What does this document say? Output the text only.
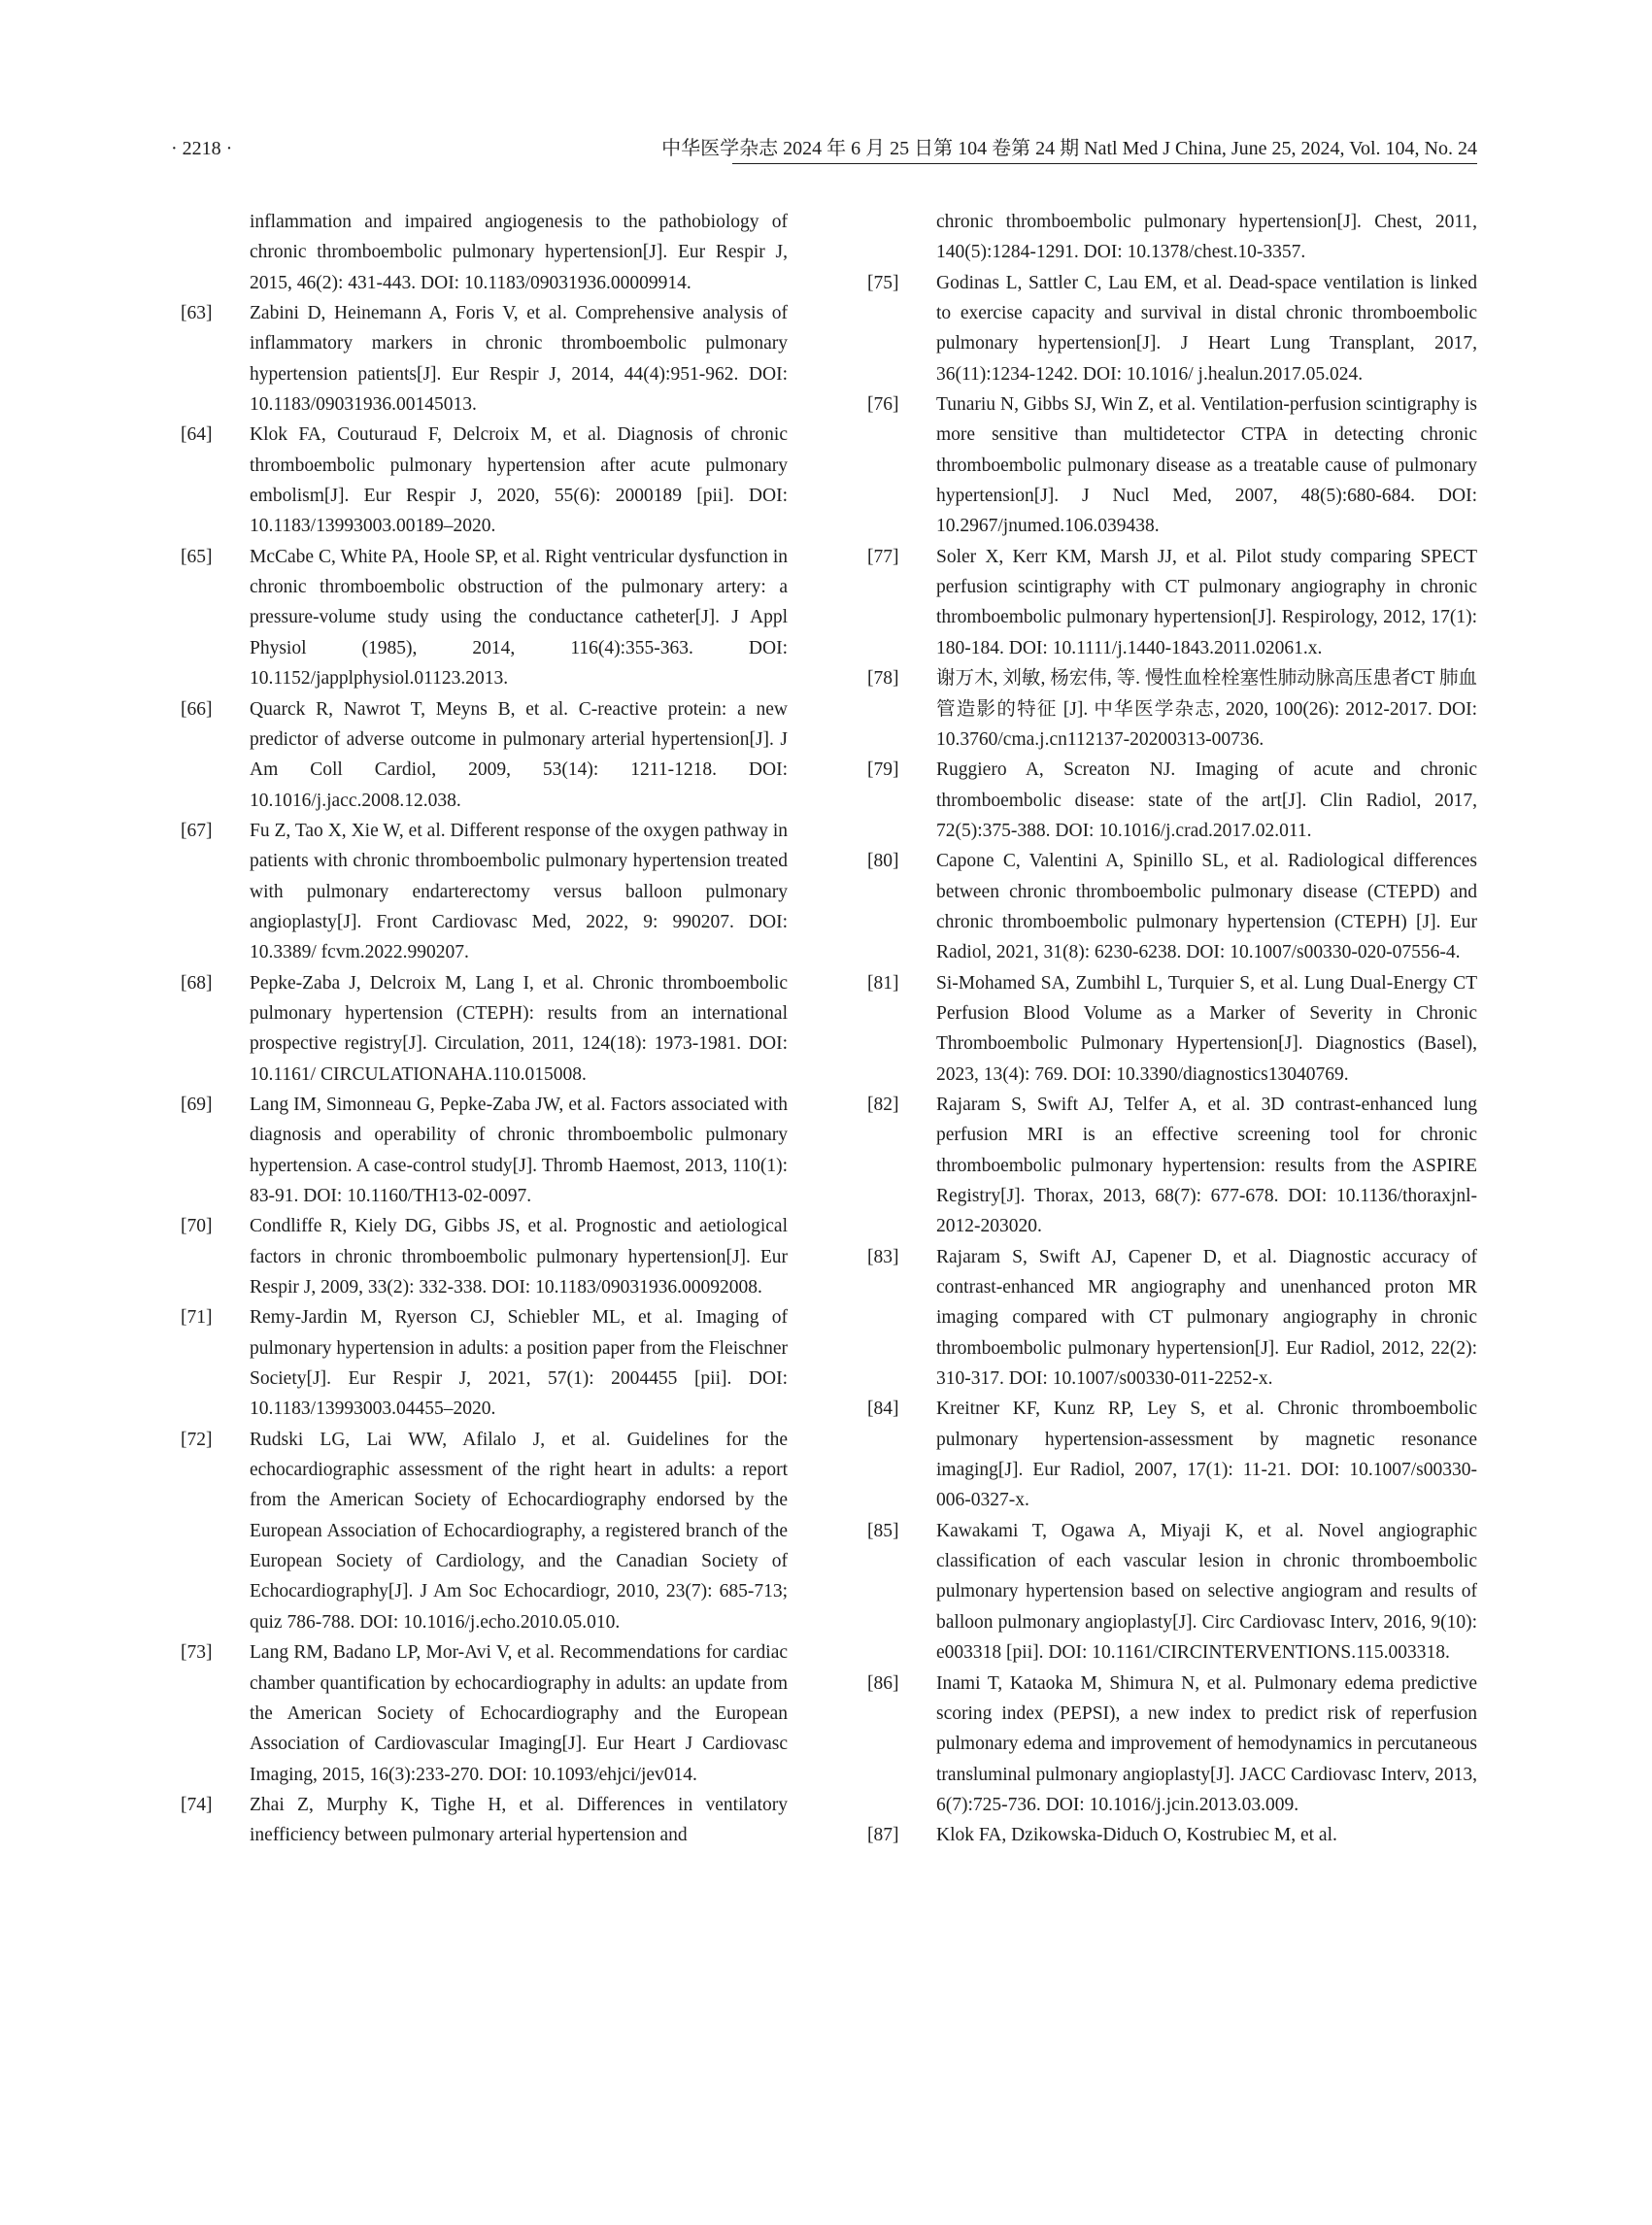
· 2218 ·	中华医学杂志 2024 年 6 月 25 日第 104 卷第 24 期 Natl Med J China, June 25, 2024, Vol. 104, No. 24
inflammation and impaired angiogenesis to the pathobiology of chronic thromboembolic pulmonary hypertension[J]. Eur Respir J, 2015, 46(2): 431-443. DOI: 10.1183/09031936.00009914.
[63]	Zabini D, Heinemann A, Foris V, et al. Comprehensive analysis of inflammatory markers in chronic thromboembolic pulmonary hypertension patients[J]. Eur Respir J, 2014, 44(4):951-962. DOI: 10.1183/09031936.00145013.
[64]	Klok FA, Couturaud F, Delcroix M, et al. Diagnosis of chronic thromboembolic pulmonary hypertension after acute pulmonary embolism[J]. Eur Respir J, 2020, 55(6): 2000189 [pii]. DOI: 10.1183/13993003.00189–2020.
[65]	McCabe C, White PA, Hoole SP, et al. Right ventricular dysfunction in chronic thromboembolic obstruction of the pulmonary artery: a pressure-volume study using the conductance catheter[J]. J Appl Physiol (1985), 2014, 116(4):355-363. DOI: 10.1152/japplphysiol.01123.2013.
[66]	Quarck R, Nawrot T, Meyns B, et al. C-reactive protein: a new predictor of adverse outcome in pulmonary arterial hypertension[J]. J Am Coll Cardiol, 2009, 53(14): 1211-1218. DOI: 10.1016/j.jacc.2008.12.038.
[67]	Fu Z, Tao X, Xie W, et al. Different response of the oxygen pathway in patients with chronic thromboembolic pulmonary hypertension treated with pulmonary endarterectomy versus balloon pulmonary angioplasty[J]. Front Cardiovasc Med, 2022, 9: 990207. DOI: 10.3389/ fcvm.2022.990207.
[68]	Pepke-Zaba J, Delcroix M, Lang I, et al. Chronic thromboembolic pulmonary hypertension (CTEPH): results from an international prospective registry[J]. Circulation, 2011, 124(18): 1973-1981. DOI: 10.1161/ CIRCULATIONAHA.110.015008.
[69]	Lang IM, Simonneau G, Pepke-Zaba JW, et al. Factors associated with diagnosis and operability of chronic thromboembolic pulmonary hypertension. A case-control study[J]. Thromb Haemost, 2013, 110(1): 83-91. DOI: 10.1160/TH13-02-0097.
[70]	Condliffe R, Kiely DG, Gibbs JS, et al. Prognostic and aetiological factors in chronic thromboembolic pulmonary hypertension[J]. Eur Respir J, 2009, 33(2): 332-338. DOI: 10.1183/09031936.00092008.
[71]	Remy-Jardin M, Ryerson CJ, Schiebler ML, et al. Imaging of pulmonary hypertension in adults: a position paper from the Fleischner Society[J]. Eur Respir J, 2021, 57(1): 2004455 [pii]. DOI: 10.1183/13993003.04455–2020.
[72]	Rudski LG, Lai WW, Afilalo J, et al. Guidelines for the echocardiographic assessment of the right heart in adults: a report from the American Society of Echocardiography endorsed by the European Association of Echocardiography, a registered branch of the European Society of Cardiology, and the Canadian Society of Echocardiography[J]. J Am Soc Echocardiogr, 2010, 23(7): 685-713; quiz 786-788. DOI: 10.1016/j.echo.2010.05.010.
[73]	Lang RM, Badano LP, Mor-Avi V, et al. Recommendations for cardiac chamber quantification by echocardiography in adults: an update from the American Society of Echocardiography and the European Association of Cardiovascular Imaging[J]. Eur Heart J Cardiovasc Imaging, 2015, 16(3):233-270. DOI: 10.1093/ehjci/jev014.
[74]	Zhai Z, Murphy K, Tighe H, et al. Differences in ventilatory inefficiency between pulmonary arterial hypertension and
chronic thromboembolic pulmonary hypertension[J]. Chest, 2011, 140(5):1284-1291. DOI: 10.1378/chest.10-3357.
[75]	Godinas L, Sattler C, Lau EM, et al. Dead-space ventilation is linked to exercise capacity and survival in distal chronic thromboembolic pulmonary hypertension[J]. J Heart Lung Transplant, 2017, 36(11):1234-1242. DOI: 10.1016/ j.healun.2017.05.024.
[76]	Tunariu N, Gibbs SJ, Win Z, et al. Ventilation-perfusion scintigraphy is more sensitive than multidetector CTPA in detecting chronic thromboembolic pulmonary disease as a treatable cause of pulmonary hypertension[J]. J Nucl Med, 2007, 48(5):680-684. DOI: 10.2967/jnumed.106.039438.
[77]	Soler X, Kerr KM, Marsh JJ, et al. Pilot study comparing SPECT perfusion scintigraphy with CT pulmonary angiography in chronic thromboembolic pulmonary hypertension[J]. Respirology, 2012, 17(1): 180-184. DOI: 10.1111/j.1440-1843.2011.02061.x.
[78]	谢万木, 刘敏, 杨宏伟, 等. 慢性血栓栓塞性肺动脉高压患者CT 肺血管造影的特征 [J]. 中华医学杂志, 2020, 100(26): 2012-2017. DOI: 10.3760/cma.j.cn112137-20200313-00736.
[79]	Ruggiero A, Screaton NJ. Imaging of acute and chronic thromboembolic disease: state of the art[J]. Clin Radiol, 2017, 72(5):375-388. DOI: 10.1016/j.crad.2017.02.011.
[80]	Capone C, Valentini A, Spinillo SL, et al. Radiological differences between chronic thromboembolic pulmonary disease (CTEPD) and chronic thromboembolic pulmonary hypertension (CTEPH) [J]. Eur Radiol, 2021, 31(8): 6230-6238. DOI: 10.1007/s00330-020-07556-4.
[81]	Si-Mohamed SA, Zumbihl L, Turquier S, et al. Lung Dual-Energy CT Perfusion Blood Volume as a Marker of Severity in Chronic Thromboembolic Pulmonary Hypertension[J]. Diagnostics (Basel), 2023, 13(4): 769. DOI: 10.3390/diagnostics13040769.
[82]	Rajaram S, Swift AJ, Telfer A, et al. 3D contrast-enhanced lung perfusion MRI is an effective screening tool for chronic thromboembolic pulmonary hypertension: results from the ASPIRE Registry[J]. Thorax, 2013, 68(7): 677-678. DOI: 10.1136/thoraxjnl-2012-203020.
[83]	Rajaram S, Swift AJ, Capener D, et al. Diagnostic accuracy of contrast-enhanced MR angiography and unenhanced proton MR imaging compared with CT pulmonary angiography in chronic thromboembolic pulmonary hypertension[J]. Eur Radiol, 2012, 22(2): 310-317. DOI: 10.1007/s00330-011-2252-x.
[84]	Kreitner KF, Kunz RP, Ley S, et al. Chronic thromboembolic pulmonary hypertension-assessment by magnetic resonance imaging[J]. Eur Radiol, 2007, 17(1): 11-21. DOI: 10.1007/s00330-006-0327-x.
[85]	Kawakami T, Ogawa A, Miyaji K, et al. Novel angiographic classification of each vascular lesion in chronic thromboembolic pulmonary hypertension based on selective angiogram and results of balloon pulmonary angioplasty[J]. Circ Cardiovasc Interv, 2016, 9(10): e003318 [pii]. DOI: 10.1161/CIRCINTERVENTIONS.115.003318.
[86]	Inami T, Kataoka M, Shimura N, et al. Pulmonary edema predictive scoring index (PEPSI), a new index to predict risk of reperfusion pulmonary edema and improvement of hemodynamics in percutaneous transluminal pulmonary angioplasty[J]. JACC Cardiovasc Interv, 2013, 6(7):725-736. DOI: 10.1016/j.jcin.2013.03.009.
[87]	Klok FA, Dzikowska-Diduch O, Kostrubiec M, et al.
